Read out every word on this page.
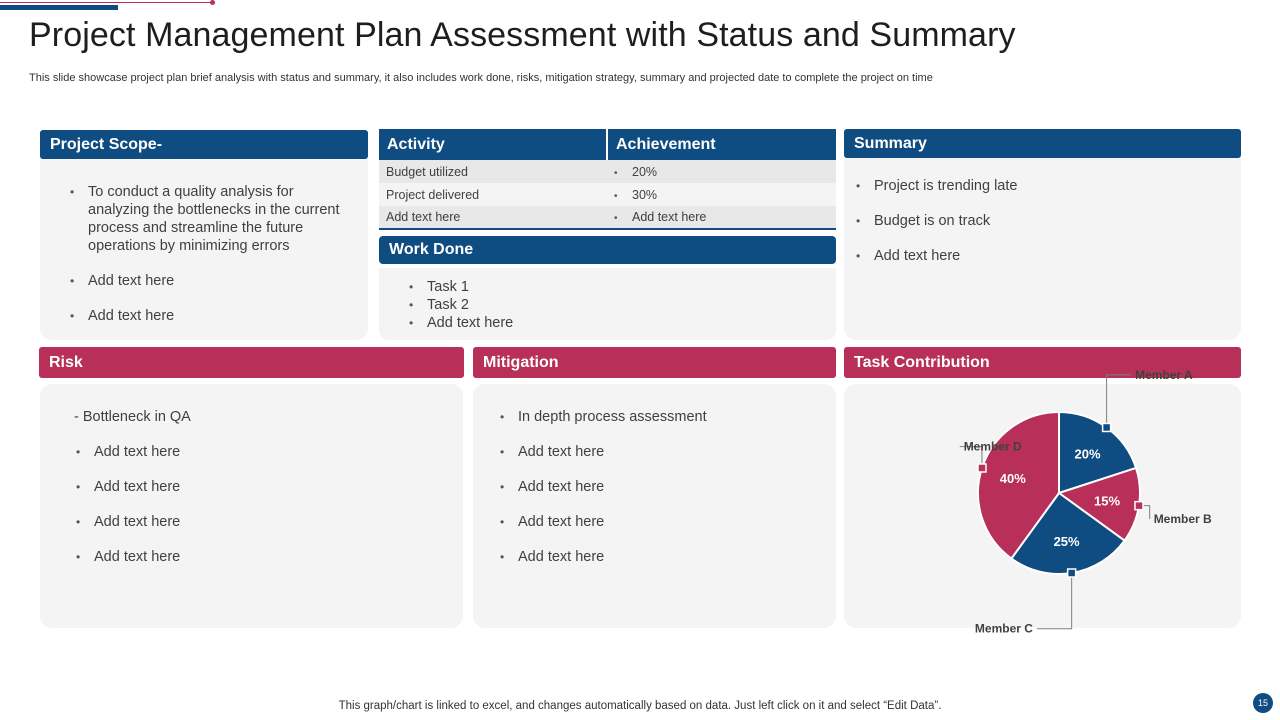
Project Management Plan Assessment with Status and Summary
This slide showcase project plan brief analysis with status and summary, it also includes work done, risks, mitigation strategy, summary and projected date to complete the project on time
Project Scope-
• To conduct a quality analysis for analyzing the bottlenecks in the current process and streamline the future operations by minimizing errors
• Add text here
• Add text here
Activity	Achievement
Budget utilized	• 20%
Project delivered	• 30%
Add text here	• Add text here
Work Done
• Task 1
• Task 2
• Add text here
Summary
• Project is trending late
• Budget is on track
• Add text here
Risk
- Bottleneck in QA
• Add text here
• Add text here
• Add text here
• Add text here
Mitigation
• In depth process assessment
• Add text here
• Add text here
• Add text here
• Add text here
Task Contribution
20%
Member A
15%
Member B
25%
Member C
40%
Member D
This graph/chart is linked to excel, and changes automatically based on data. Just left click on it and select “Edit Data”.	15
